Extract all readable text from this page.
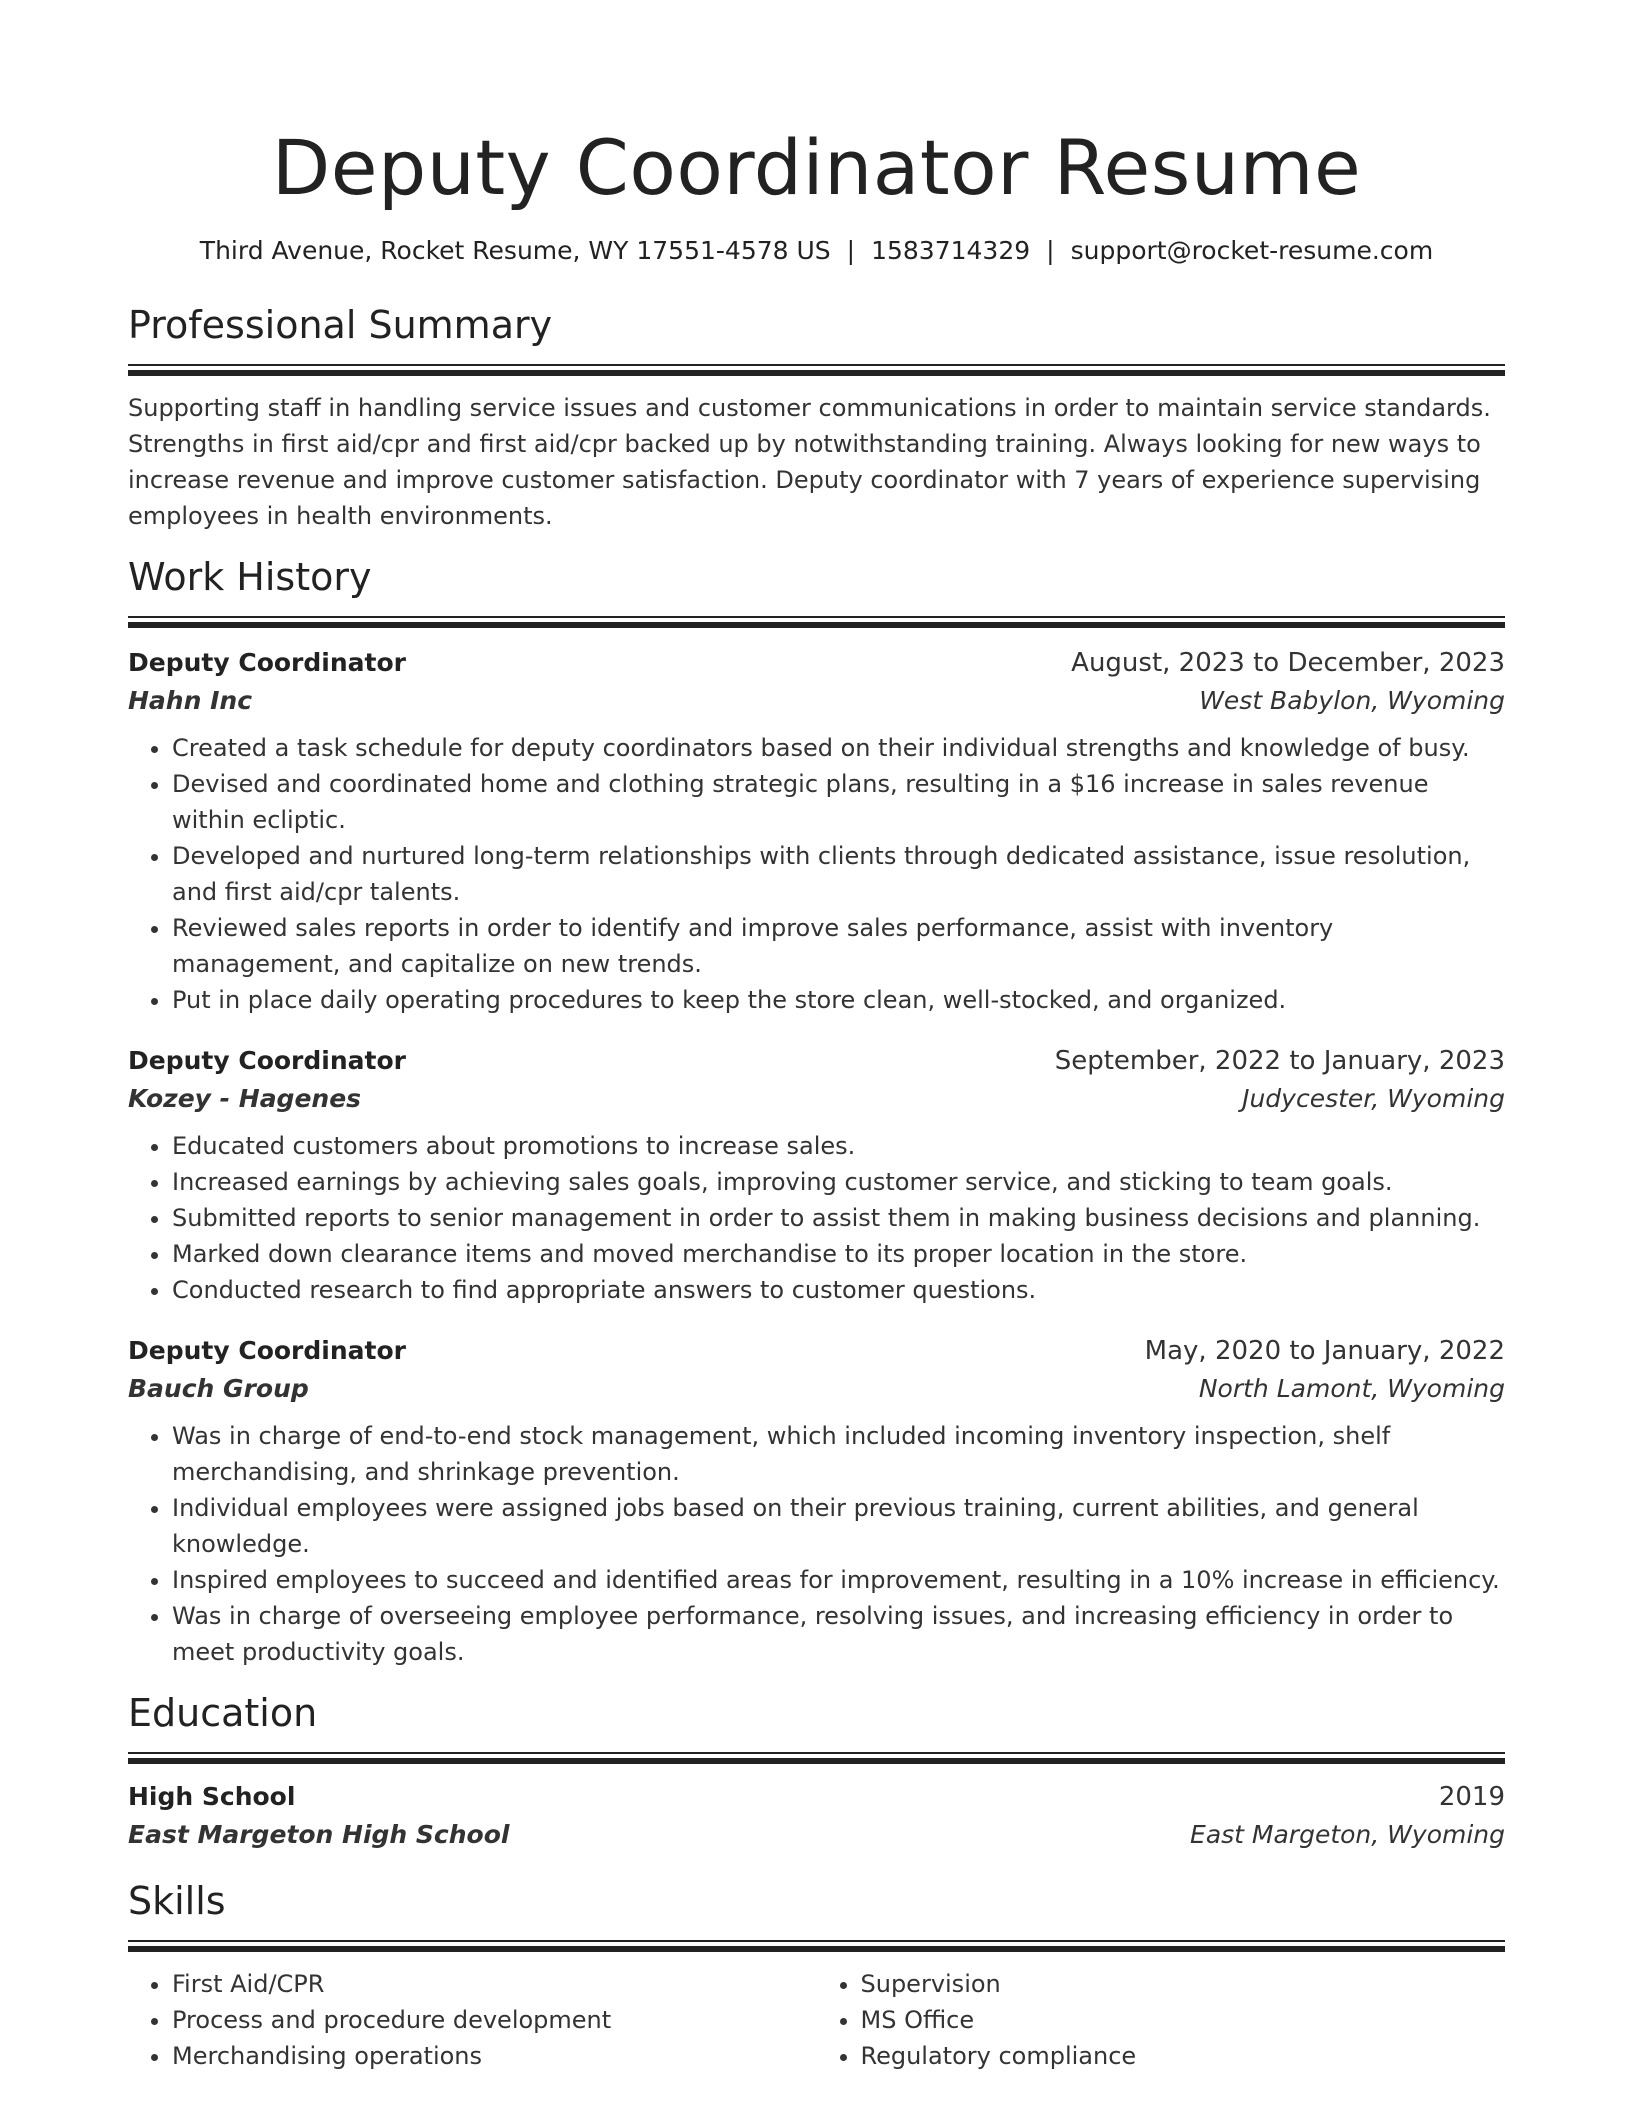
Deputy Coordinator Resume
Third Avenue, Rocket Resume, WY 17551-4578 US | 1583714329 | support@rocket-resume.com
Professional Summary
Supporting staff in handling service issues and customer communications in order to maintain service standards. Strengths in first aid/cpr and first aid/cpr backed up by notwithstanding training. Always looking for new ways to increase revenue and improve customer satisfaction. Deputy coordinator with 7 years of experience supervising employees in health environments.
Work History
Deputy Coordinator	August, 2023 to December, 2023
Hahn Inc	West Babylon, Wyoming
• Created a task schedule for deputy coordinators based on their individual strengths and knowledge of busy.
• Devised and coordinated home and clothing strategic plans, resulting in a $16 increase in sales revenue within ecliptic.
• Developed and nurtured long-term relationships with clients through dedicated assistance, issue resolution, and first aid/cpr talents.
• Reviewed sales reports in order to identify and improve sales performance, assist with inventory management, and capitalize on new trends.
• Put in place daily operating procedures to keep the store clean, well-stocked, and organized.
Deputy Coordinator	September, 2022 to January, 2023
Kozey - Hagenes	Judycester, Wyoming
• Educated customers about promotions to increase sales.
• Increased earnings by achieving sales goals, improving customer service, and sticking to team goals.
• Submitted reports to senior management in order to assist them in making business decisions and planning.
• Marked down clearance items and moved merchandise to its proper location in the store.
• Conducted research to find appropriate answers to customer questions.
Deputy Coordinator	May, 2020 to January, 2022
Bauch Group	North Lamont, Wyoming
• Was in charge of end-to-end stock management, which included incoming inventory inspection, shelf merchandising, and shrinkage prevention.
• Individual employees were assigned jobs based on their previous training, current abilities, and general knowledge.
• Inspired employees to succeed and identified areas for improvement, resulting in a 10% increase in efficiency.
• Was in charge of overseeing employee performance, resolving issues, and increasing efficiency in order to meet productivity goals.
Education
High School	2019
East Margeton High School	East Margeton, Wyoming
Skills
• First Aid/CPR
• Process and procedure development
• Merchandising operations
• Supervision
• MS Office
• Regulatory compliance
